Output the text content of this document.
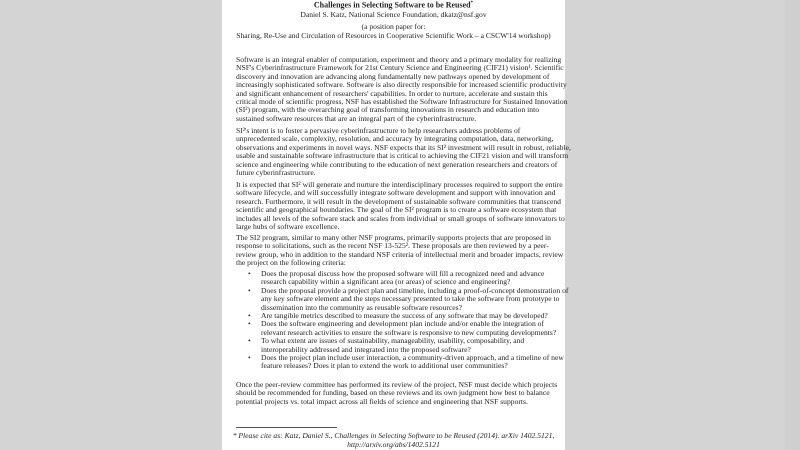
Challenges in Selecting Software to be Reused*
Daniel S. Katz, National Science Foundation, dkatz@nsf.gov
(a position paper for:
Sharing, Re-Use and Circulation of Resources in Cooperative Scientific Work – a CSCW'14 workshop)
Software is an integral enabler of computation, experiment and theory and a primary modality for realizing
NSF's Cyberinfrastructure Framework for 21st Century Science and Engineering (CIF21) vision¹. Scientific
discovery and innovation are advancing along fundamentally new pathways opened by development of
increasingly sophisticated software. Software is also directly responsible for increased scientific productivity
and significant enhancement of researchers' capabilities. In order to nurture, accelerate and sustain this
critical mode of scientific progress, NSF has established the Software Infrastructure for Sustained Innovation
(SI²) program, with the overarching goal of transforming innovations in research and education into
sustained software resources that are an integral part of the cyberinfrastructure.
SI²'s intent is to foster a pervasive cyberinfrastructure to help researchers address problems of
unprecedented scale, complexity, resolution, and accuracy by integrating computation, data, networking,
observations and experiments in novel ways. NSF expects that its SI² investment will result in robust, reliable,
usable and sustainable software infrastructure that is critical to achieving the CIF21 vision and will transform
science and engineering while contributing to the education of next generation researchers and creators of
future cyberinfrastructure.
It is expected that SI² will generate and nurture the interdisciplinary processes required to support the entire
software lifecycle, and will successfully integrate software development and support with innovation and
research. Furthermore, it will result in the development of sustainable software communities that transcend
scientific and geographical boundaries. The goal of the SI² program is to create a software ecosystem that
includes all levels of the software stack and scales from individual or small groups of software innovators to
large hubs of software excellence.
The SI2 program, similar to many other NSF programs, primarily supports projects that are proposed in
response to solicitations, such as the recent NSF 13-525². These proposals are then reviewed by a peer-
review group, who in addition to the standard NSF criteria of intellectual merit and broader impacts, review
the project on the following criteria:
• Does the proposal discuss how the proposed software will fill a recognized need and advance
research capability within a significant area (or areas) of science and engineering?
• Does the proposal provide a project plan and timeline, including a proof-of-concept demonstration of
any key software element and the steps necessary presented to take the software from prototype to
dissemination into the community as reusable software resources?
• Are tangible metrics described to measure the success of any software that may be developed?
• Does the software engineering and development plan include and/or enable the integration of
relevant research activities to ensure the software is responsive to new computing developments?
• To what extent are issues of sustainability, manageability, usability, composability, and
interoperability addressed and integrated into the proposed software?
• Does the project plan include user interaction, a community-driven approach, and a timeline of new
feature releases? Does it plan to extend the work to additional user communities?
Once the peer-review committee has performed its review of the project, NSF must decide which projects
should be recommended for funding, based on these reviews and its own judgment how best to balance
potential projects vs. total impact across all fields of science and engineering that NSF supports.
* Please cite as: Katz, Daniel S., Challenges in Selecting Software to be Reused (2014). arXiv 1402.5121,
http://arxiv.org/abs/1402.5121
